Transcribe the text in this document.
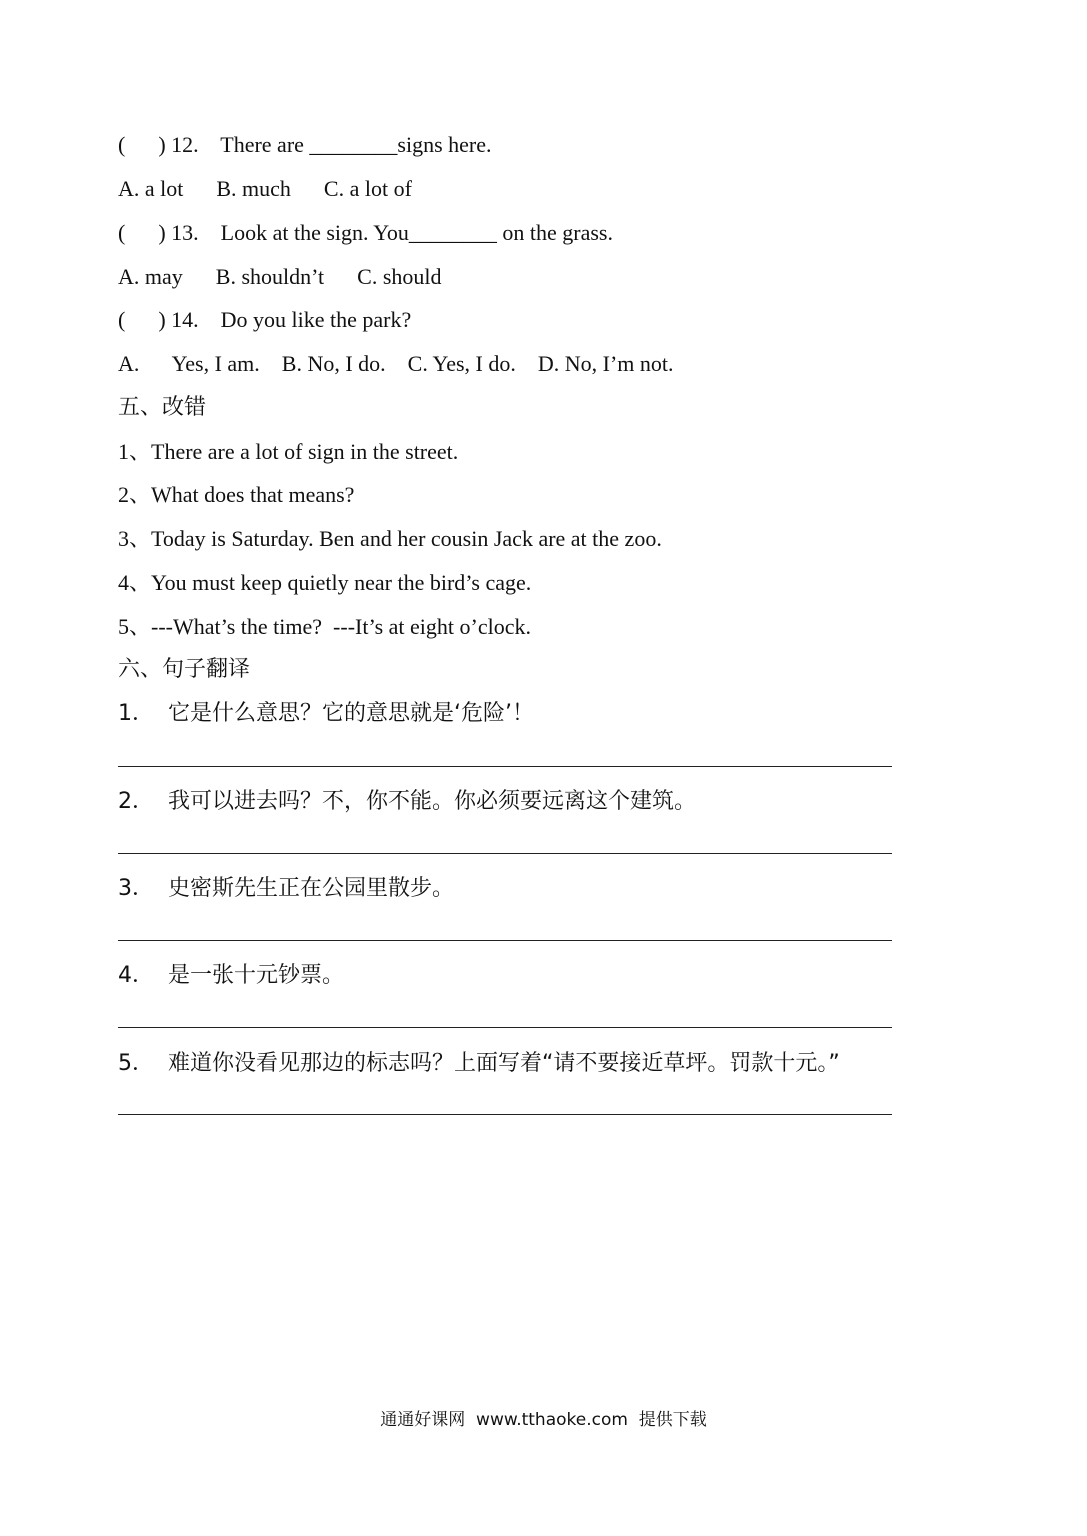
(      ) 12.    There are ________signs here.
A. a lot      B. much      C. a lot of
(      ) 13.    Look at the sign. You________ on the grass.
A. may      B. shouldn’t      C. should
(      ) 14.    Do you like the park?
A.      Yes, I am.    B. No, I do.    C. Yes, I do.    D. No, I’m not.
五、改错
1、There are a lot of sign in the street.
2、What does that means?
3、Today is Saturday. Ben and her cousin Jack are at the zoo.
4、You must keep quietly near the bird’s cage.
5、---What’s the time?  ---It’s at eight o’clock.
六、句子翻译
1．  它是什么意思？它的意思就是‘危险’！
2．  我可以进去吗？不，你不能。你必须要远离这个建筑。
3．  史密斯先生正在公园里散步。
4．  是一张十元钞票。
5．  难道你没看见那边的标志吗？上面写着“请不要接近草坪。罚款十元。”
通通好课网  www.tthaoke.com  提供下载
